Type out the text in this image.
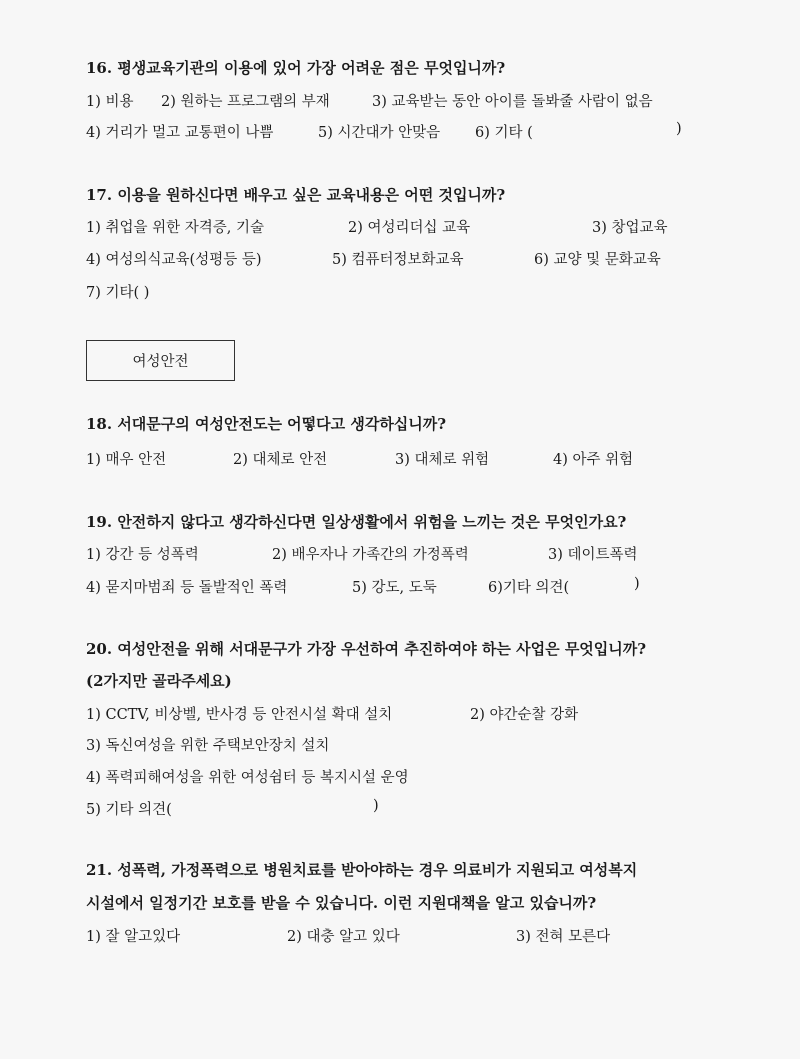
16. 평생교육기관의 이용에 있어 가장 어려운 점은 무엇입니까?
1) 비용 2) 원하는 프로그램의 부재	3) 교육받는 동안 아이를 돌봐줄 사람이 없음
4) 거리가 멀고 교통편이 나쁨	5) 시간대가 안맞음 6) 기타 (	)
17. 이용을 원하신다면 배우고 싶은 교육내용은 어떤 것입니까?
1) 취업을 위한 자격증, 기술	2) 여성리더십 교육	3) 창업교육
4) 여성의식교육(성평등 등)	5) 컴퓨터정보화교육	6) 교양 및 문화교육
7) 기타( )
여성안전
18. 서대문구의 여성안전도는 어떻다고 생각하십니까?
1) 매우 안전	2) 대체로 안전	3) 대체로 위험	4) 아주 위험
19. 안전하지 않다고 생각하신다면 일상생활에서 위험을 느끼는 것은 무엇인가요?
1) 강간 등 성폭력	2) 배우자나 가족간의 가정폭력	3) 데이트폭력
4) 묻지마범죄 등 돌발적인 폭력	5) 강도, 도둑	6)기타 의견(	)
20. 여성안전을 위해 서대문구가 가장 우선하여 추진하여야 하는 사업은 무엇입니까?
(2가지만 골라주세요)
1) CCTV, 비상벨, 반사경 등 안전시설 확대 설치	2) 야간순찰 강화
3) 독신여성을 위한 주택보안장치 설치
4) 폭력피해여성을 위한 여성쉼터 등 복지시설 운영
5) 기타 의견(	)
21. 성폭력, 가정폭력으로 병원치료를 받아야하는 경우 의료비가 지원되고 여성복지
시설에서 일정기간 보호를 받을 수 있습니다. 이런 지원대책을 알고 있습니까?
1) 잘 알고있다	2) 대충 알고 있다	3) 전혀 모른다
